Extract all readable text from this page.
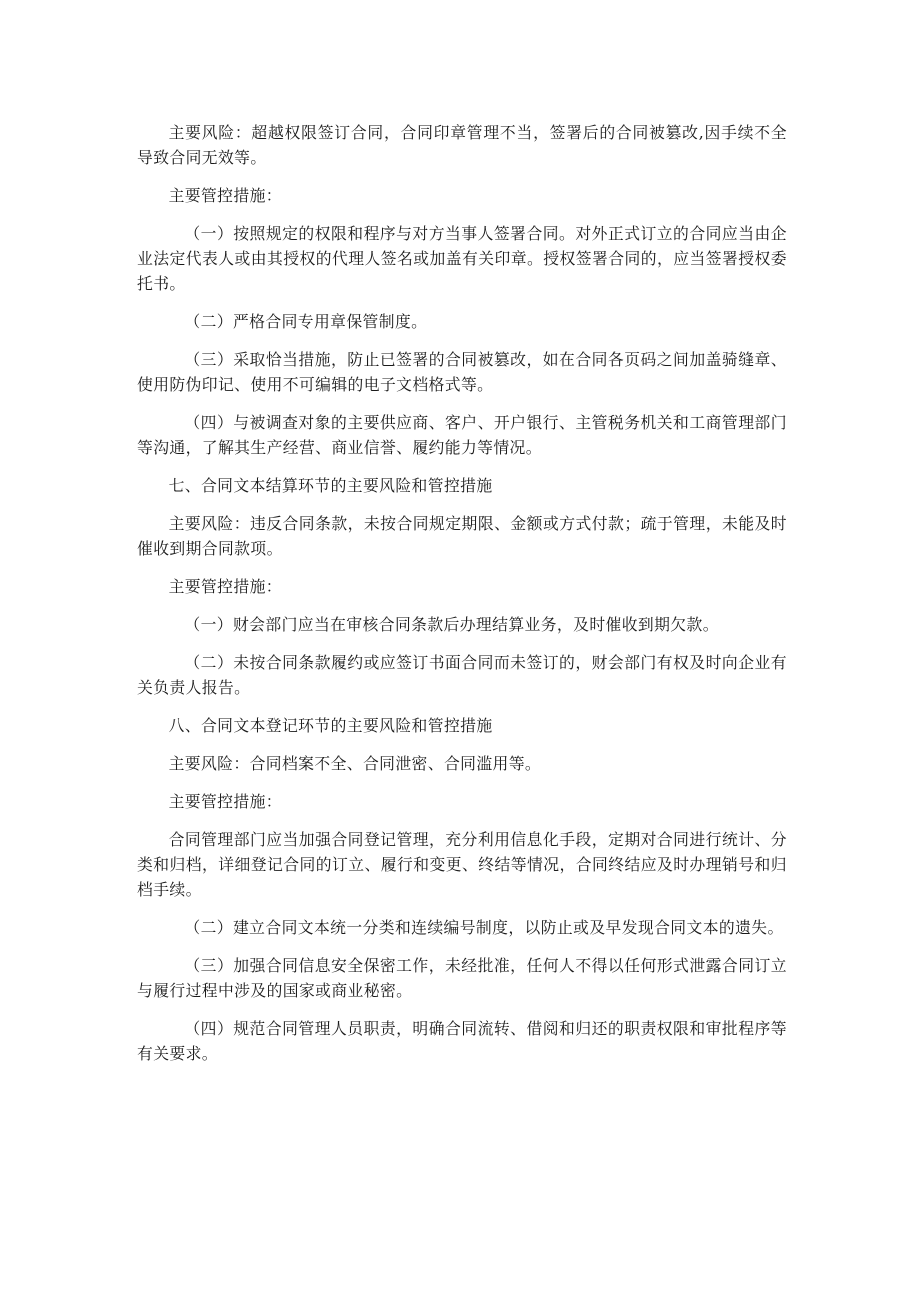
主要风险：超越权限签订合同，合同印章管理不当，签署后的合同被篡改,因手续不全导致合同无效等。

主要管控措施：

（一）按照规定的权限和程序与对方当事人签署合同。对外正式订立的合同应当由企业法定代表人或由其授权的代理人签名或加盖有关印章。授权签署合同的，应当签署授权委托书。

（二）严格合同专用章保管制度。

（三）采取恰当措施，防止已签署的合同被篡改，如在合同各页码之间加盖骑缝章、使用防伪印记、使用不可编辑的电子文档格式等。

（四）与被调查对象的主要供应商、客户、开户银行、主管税务机关和工商管理部门等沟通，了解其生产经营、商业信誉、履约能力等情况。

七、合同文本结算环节的主要风险和管控措施

主要风险：违反合同条款，未按合同规定期限、金额或方式付款；疏于管理，未能及时催收到期合同款项。

主要管控措施：

（一）财会部门应当在审核合同条款后办理结算业务，及时催收到期欠款。

（二）未按合同条款履约或应签订书面合同而未签订的，财会部门有权及时向企业有关负责人报告。

八、合同文本登记环节的主要风险和管控措施

主要风险：合同档案不全、合同泄密、合同滥用等。

主要管控措施：

合同管理部门应当加强合同登记管理，充分利用信息化手段，定期对合同进行统计、分类和归档，详细登记合同的订立、履行和变更、终结等情况，合同终结应及时办理销号和归档手续。

（二）建立合同文本统一分类和连续编号制度，以防止或及早发现合同文本的遗失。

（三）加强合同信息安全保密工作，未经批准，任何人不得以任何形式泄露合同订立与履行过程中涉及的国家或商业秘密。

（四）规范合同管理人员职责，明确合同流转、借阅和归还的职责权限和审批程序等有关要求。
